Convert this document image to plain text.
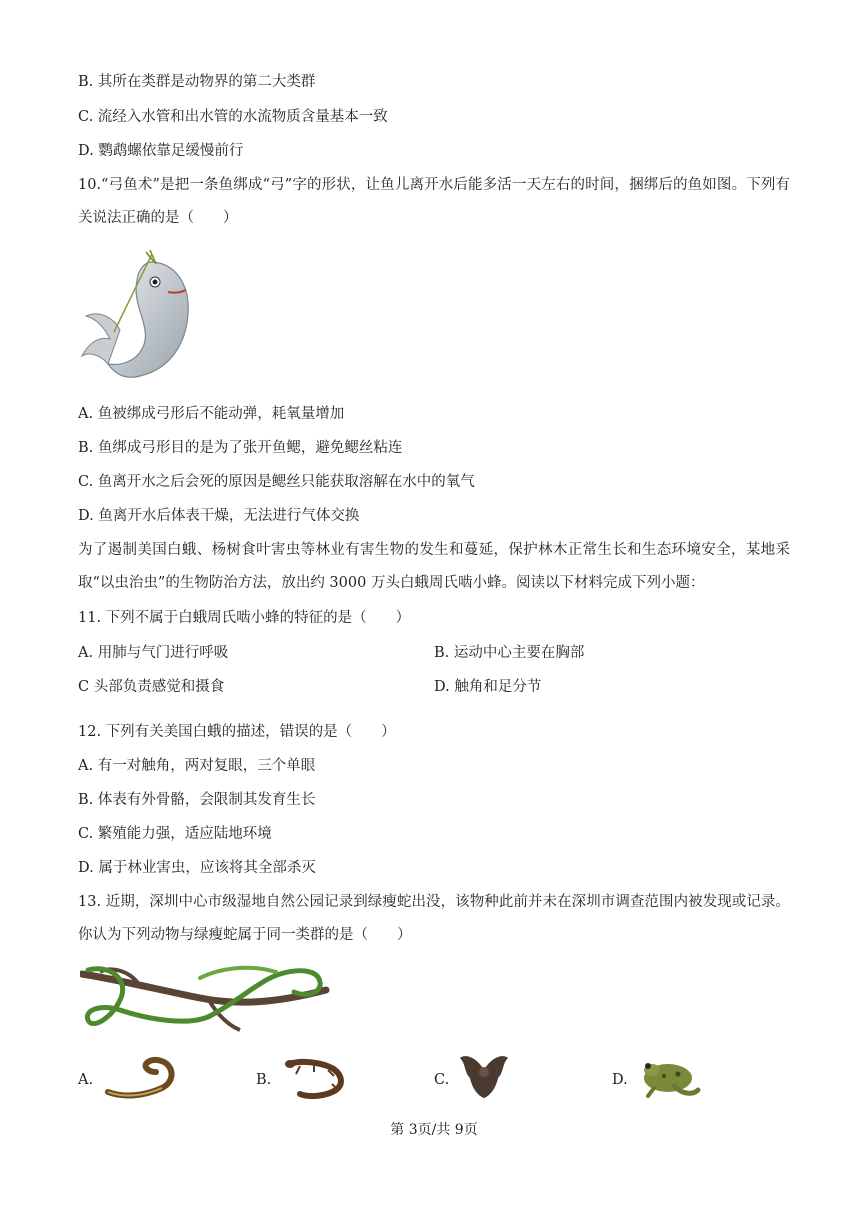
B. 其所在类群是动物界的第二大类群
C. 流经入水管和出水管的水流物质含量基本一致
D. 鹦鹉螺依靠足缓慢前行
10.“弓鱼术”是把一条鱼绑成“弓”字的形状，让鱼儿离开水后能多活一天左右的时间，捆绑后的鱼如图。下列有关说法正确的是（　　）
A. 鱼被绑成弓形后不能动弹，耗氧量增加
B. 鱼绑成弓形目的是为了张开鱼鳃，避免鳃丝粘连
C. 鱼离开水之后会死的原因是鳃丝只能获取溶解在水中的氧气
D. 鱼离开水后体表干燥，无法进行气体交换
为了遏制美国白蛾、杨树食叶害虫等林业有害生物的发生和蔓延，保护林木正常生长和生态环境安全，某地采取“以虫治虫”的生物防治方法，放出约 3000 万头白蛾周氏啮小蜂。阅读以下材料完成下列小题：
11. 下列不属于白蛾周氏啮小蜂的特征的是（　　）
A. 用肺与气门进行呼吸	B. 运动中心主要在胸部
C 头部负责感觉和摄食	D. 触角和足分节
12. 下列有关美国白蛾的描述，错误的是（　　）
A. 有一对触角，两对复眼，三个单眼
B. 体表有外骨骼，会限制其发育生长
C. 繁殖能力强，适应陆地环境
D. 属于林业害虫，应该将其全部杀灭
13. 近期，深圳中心市级湿地自然公园记录到绿瘦蛇出没，该物种此前并未在深圳市调查范围内被发现或记录。你认为下列动物与绿瘦蛇属于同一类群的是（　　）
A.	B.	C.	D.
第 3页/共 9页
